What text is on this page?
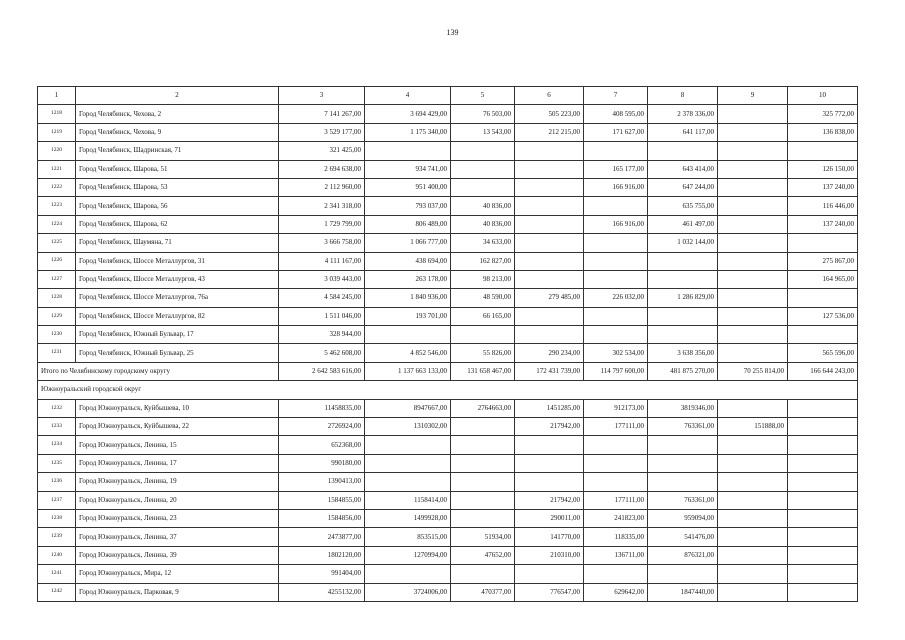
139
1	2	3	4	5	6	7	8	9	10
1218	Город Челябинск, Чехова, 2	7 141 267,00	3 694 429,00	76 503,00	505 223,00	408 595,00	2 378 336,00		325 772,00
1219	Город Челябинск, Чехова, 9	3 529 177,00	1 175 340,00	13 543,00	212 215,00	171 627,00	641 117,00		136 838,00
1220	Город Челябинск, Шадринская, 71	321 425,00							
1221	Город Челябинск, Шарова, 51	2 694 638,00	934 741,00			165 177,00	643 414,00		126 150,00
1222	Город Челябинск, Шарова, 53	2 112 960,00	951 400,00			166 916,00	647 244,00		137 240,00
1223	Город Челябинск, Шарова, 56	2 341 318,00	793 037,00	40 836,00			635 755,00		116 446,00
1224	Город Челябинск, Шарова, 62	1 729 799,00	806 489,00	40 836,00		166 916,00	461 497,00		137 240,00
1225	Город Челябинск, Шаумяна, 71	3 666 758,00	1 066 777,00	34 633,00			1 032 144,00		
1226	Город Челябинск, Шоссе Металлургов, 31	4 111 167,00	438 694,00	162 827,00					275 867,00
1227	Город Челябинск, Шоссе Металлургов, 43	3 039 443,00	263 178,00	98 213,00					164 965,00
1228	Город Челябинск, Шоссе Металлургов, 76а	4 584 245,00	1 840 936,00	48 590,00	279 485,00	226 032,00	1 286 829,00		
1229	Город Челябинск, Шоссе Металлургов, 82	1 511 046,00	193 701,00	66 165,00					127 536,00
1230	Город Челябинск, Южный Бульвар, 17	328 944,00							
1231	Город Челябинск, Южный Бульвар, 25	5 462 608,00	4 852 546,00	55 826,00	290 234,00	302 534,00	3 638 356,00		565 596,00
Итого по Челябинскому городскому округу		2 642 583 616,00	1 137 663 133,00	131 658 467,00	172 431 739,00	114 797 600,00	481 875 270,00	70 255 814,00	166 644 243,00
Южноуральский городской округ									
1232	Город Южноуральск, Куйбышева, 10	11458835,00	8947667,00	2764663,00	1451285,00	912173,00	3819346,00		
1233	Город Южноуральск, Куйбышева, 22	2726924,00	1310302,00		217942,00	177111,00	763361,00	151888,00	
1234	Город Южноуральск, Ленина, 15	652368,00							
1235	Город Южноуральск, Ленина, 17	990180,00							
1236	Город Южноуральск, Ленина, 19	1390413,00							
1237	Город Южноуральск, Ленина, 20	1584855,00	1158414,00		217942,00	177111,00	763361,00		
1238	Город Южноуральск, Ленина, 23	1584856,00	1499928,00		290011,00	241823,00	959094,00		
1239	Город Южноуральск, Ленина, 37	2473877,00	853515,00	51934,00	141770,00	118335,00	541476,00		
1240	Город Южноуральск, Ленина, 39	1802120,00	1270994,00	47652,00	210310,00	136711,00	876321,00		
1241	Город Южноуральск, Мира, 12	991404,00							
1242	Город Южноуральск, Парковая, 9	4255132,00	3724006,00	470377,00	776547,00	629642,00	1847440,00		
